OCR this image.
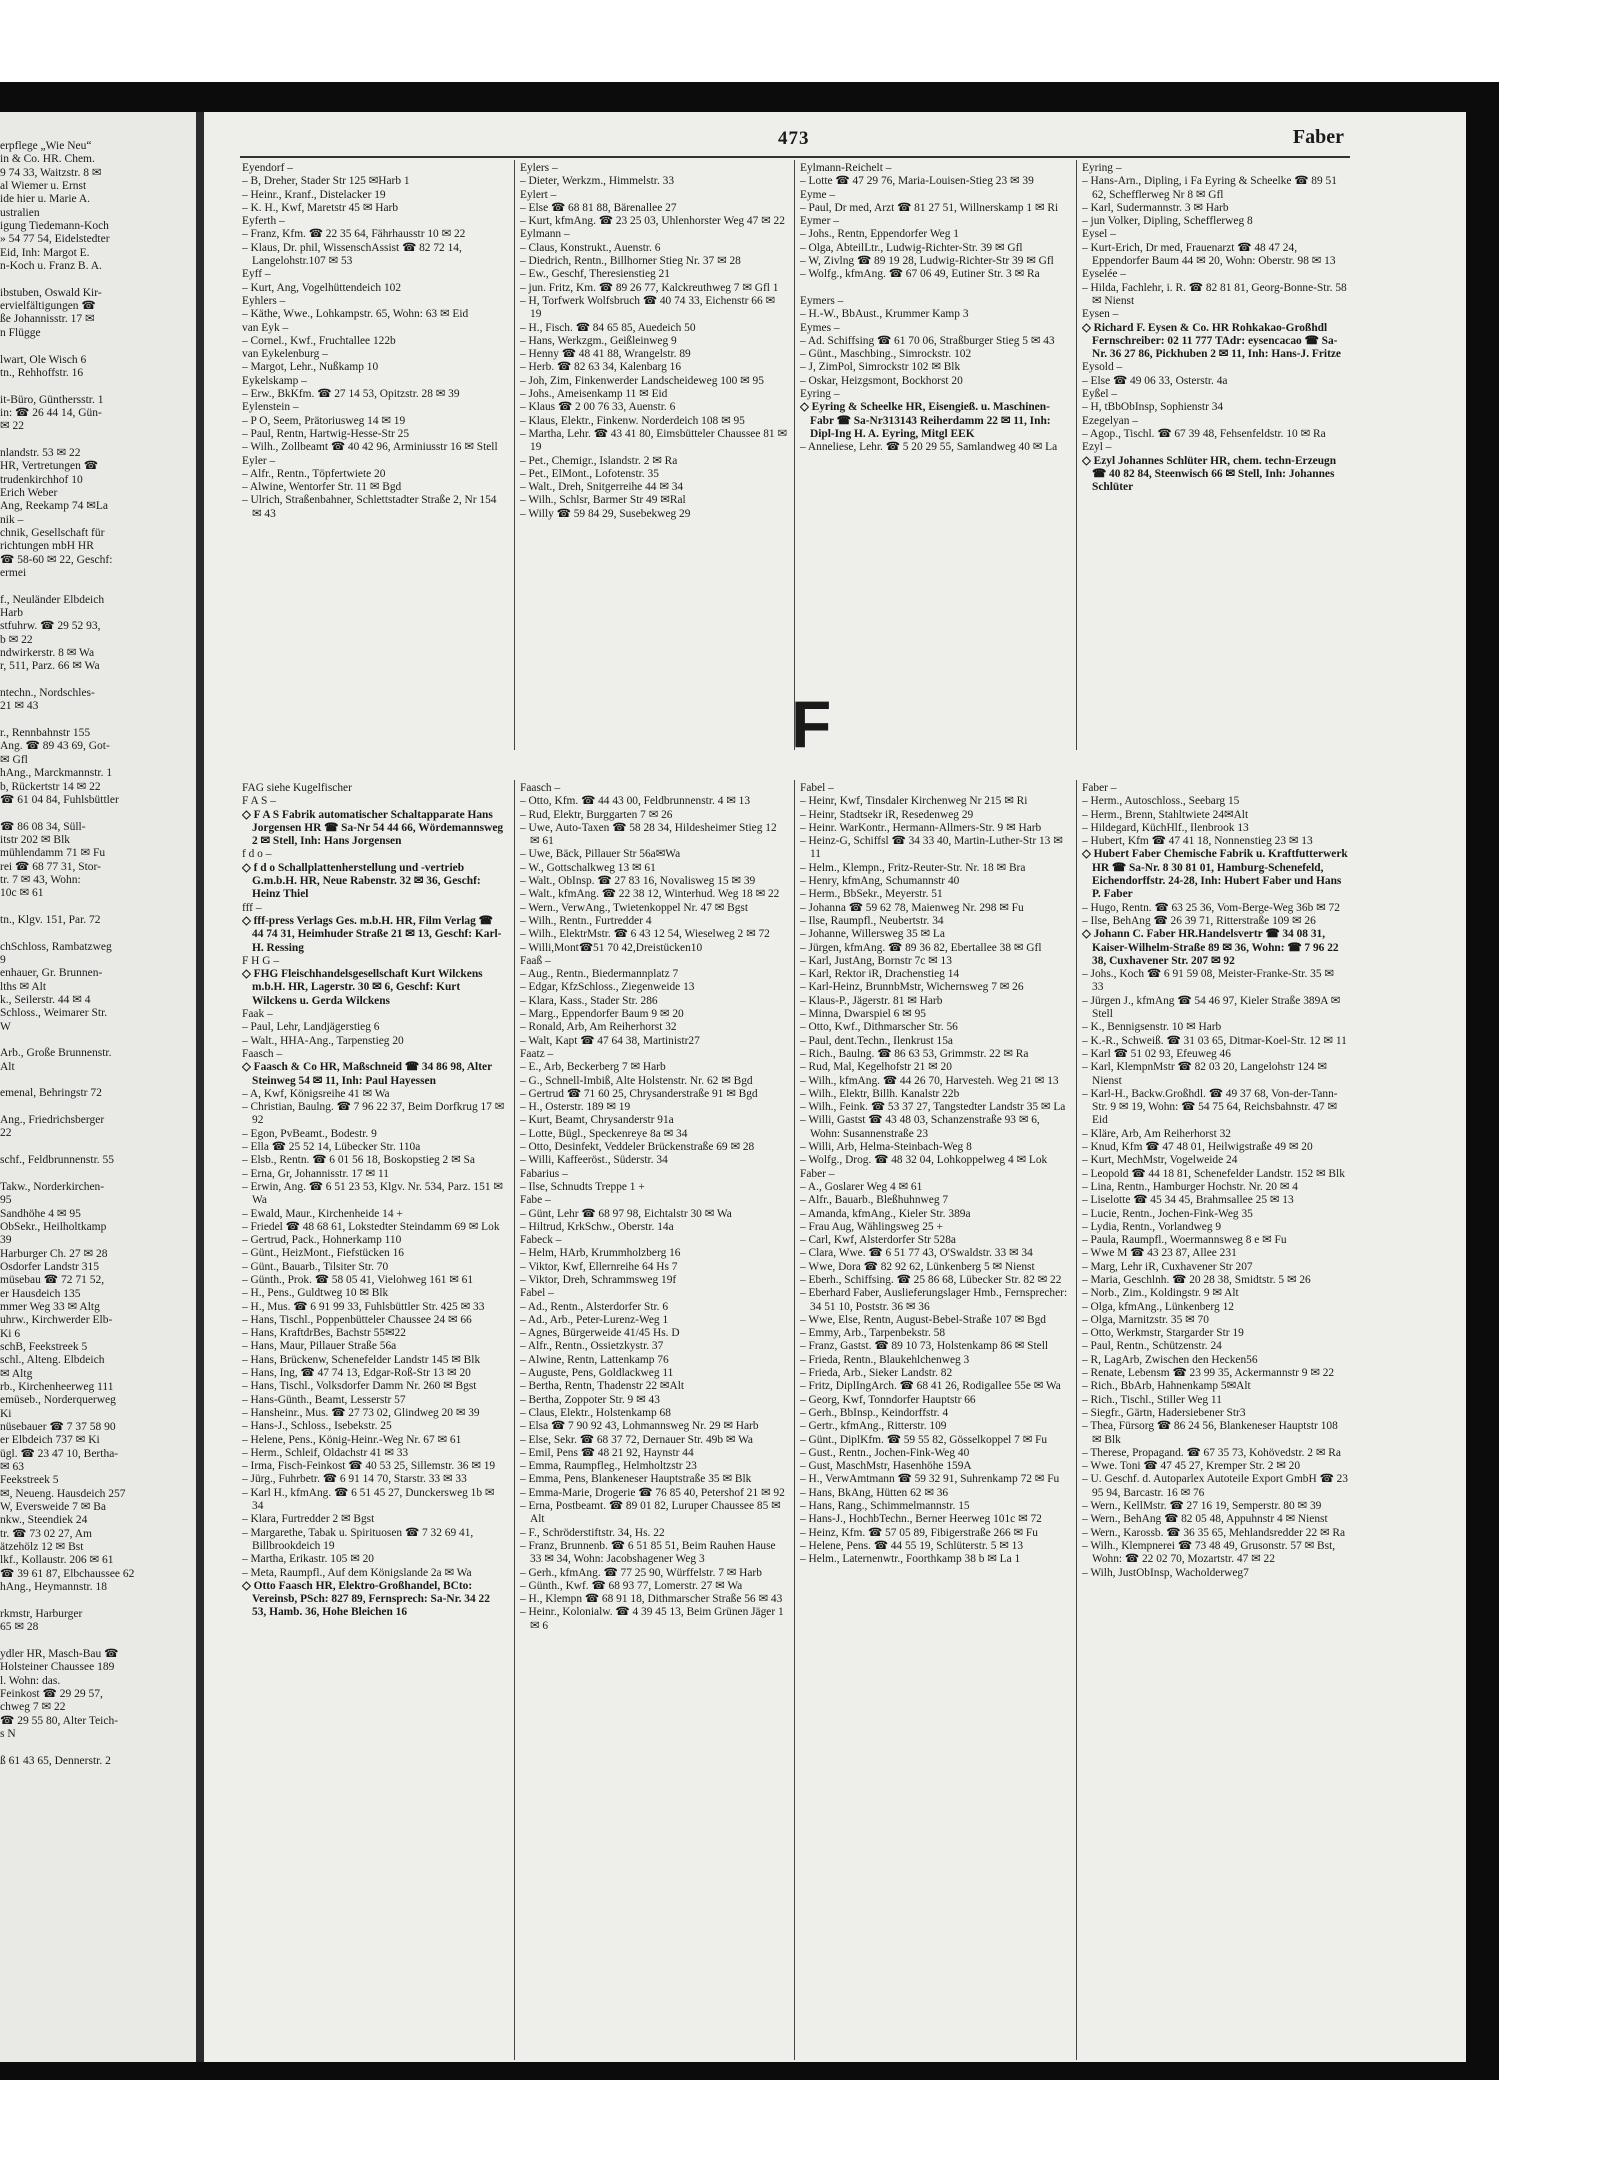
erpflege „Wie Neu“
in & Co. HR. Chem.
9 74 33, Waitzstr. 8 ✉
al Wiemer u. Ernst
ide hier u. Marie A.
ustralien
igung Tiedemann-Koch
» 54 77 54, Eidelstedter
Eid, Inh: Margot E.
n-Koch u. Franz B. A.

ibstuben, Oswald Kir-
ervielfältigungen ☎
ße Johannisstr. 17 ✉
n Flügge

lwart, Ole Wisch 6
tn., Rehhoffstr. 16

it-Büro, Günthersstr. 1
in: ☎ 26 44 14, Gün-
✉ 22

nlandstr. 53 ✉ 22
HR, Vertretungen ☎
trudenkirchhof 10
Erich Weber
Ang, Reekamp 74 ✉La
nik –
chnik, Gesellschaft für
richtungen mbH HR
☎ 58-60 ✉ 22, Geschf:
ermei

f., Neuländer Elbdeich
Harb
stfuhrw. ☎ 29 52 93,
b ✉ 22
ndwirkerstr. 8 ✉ Wa
r, 511, Parz. 66 ✉ Wa

ntechn., Nordschles-
21 ✉ 43

r., Rennbahnstr 155
Ang. ☎ 89 43 69, Got-
✉ Gfl
hAng., Marckmannstr. 1
b, Rückertstr 14 ✉ 22
☎ 61 04 84, Fuhlsbüttler

☎ 86 08 34, Süll-
itstr 202 ✉ Blk
mühlendamm 71 ✉ Fu
rei ☎ 68 77 31, Stor-
tr. 7 ✉ 43, Wohn:
10c ✉ 61

tn., Klgv. 151, Par. 72

chSchloss, Rambatzweg
9
enhauer, Gr. Brunnen-
lths ✉ Alt
k., Seilerstr. 44 ✉ 4
Schloss., Weimarer Str.
W

Arb., Große Brunnenstr.
Alt

emenal, Behringstr 72

Ang., Friedrichsberger
22

schf., Feldbrunnenstr. 55

Takw., Norderkirchen-
95
Sandhöhe 4 ✉ 95
ObSekr., Heilholtkamp
39
Harburger Ch. 27 ✉ 28
Osdorfer Landstr 315
müsebau ☎ 72 71 52,
er Hausdeich 135
mmer Weg 33 ✉ Altg
uhrw., Kirchwerder Elb-
Ki 6
schB, Feekstreek 5
schl., Alteng. Elbdeich
✉ Altg
rb., Kirchenheerweg 111
emüseb., Norderquerweg
Ki
nüsebauer ☎ 7 37 58 90
er Elbdeich 737 ✉ Ki
ügl. ☎ 23 47 10, Bertha-
✉ 63
Feekstreek 5
✉, Neueng. Hausdeich 257
W, Eversweide 7 ✉ Ba
nkw., Steendiek 24
tr. ☎ 73 02 27, Am
ätzehölz 12 ✉ Bst
lkf., Kollaustr. 206 ✉ 61
☎ 39 61 87, Elbchaussee 62
hAng., Heymannstr. 18

rkmstr, Harburger
65 ✉ 28

ydler HR, Masch-Bau ☎
Holsteiner Chaussee 189
l. Wohn: das.
Feinkost ☎ 29 29 57,
chweg 7 ✉ 22
☎ 29 55 80, Alter Teich-
s N

ß 61 43 65, Dennerstr. 2
473	Faber
Eyendorf –
– B, Dreher, Stader Str 125 ✉Harb 1
– Heinr., Kranf., Distelacker 19
– K. H., Kwf, Maretstr 45 ✉ Harb
Eyferth –
– Franz, Kfm. ☎ 22 35 64, Fährhausstr 10 ✉ 22
– Klaus, Dr. phil, WissenschAssist ☎ 82 72 14, Langelohstr.107 ✉ 53
Eyff –
– Kurt, Ang, Vogelhüttendeich 102
Eyhlers –
– Käthe, Wwe., Lohkampstr. 65, Wohn: 63 ✉ Eid
van Eyk –
– Cornel., Kwf., Fruchtallee 122b
van Eykelenburg –
– Margot, Lehr., Nußkamp 10
Eykelskamp –
– Erw., BkKfm. ☎ 27 14 53, Opitzstr. 28 ✉ 39
Eylenstein –
– P O, Seem, Prätoriusweg 14 ✉ 19
– Paul, Rentn, Hartwig-Hesse-Str 25
– Wilh., Zollbeamt ☎ 40 42 96, Arminiusstr 16 ✉ Stell
Eyler –
– Alfr., Rentn., Töpfertwiete 20
– Alwine, Wentorfer Str. 11 ✉ Bgd
– Ulrich, Straßenbahner, Schlettstadter Straße 2, Nr 154 ✉ 43
Eylers –
– Dieter, Werkzm., Himmelstr. 33
Eylert –
– Else ☎ 68 81 88, Bärenallee 27
– Kurt, kfmAng. ☎ 23 25 03, Uhlenhorster Weg 47 ✉ 22
Eylmann –
– Claus, Konstrukt., Auenstr. 6
– Diedrich, Rentn., Billhorner Stieg Nr. 37 ✉ 28
– Ew., Geschf, Theresienstieg 21
– jun. Fritz, Km. ☎ 89 26 77, Kalckreuthweg 7 ✉ Gfl 1
– H, Torfwerk Wolfsbruch ☎ 40 74 33, Eichenstr 66 ✉ 19
– H., Fisch. ☎ 84 65 85, Auedeich 50
– Hans, Werkzgm., Geißleinweg 9
– Henny ☎ 48 41 88, Wrangelstr. 89
– Herb. ☎ 82 63 34, Kalenbarg 16
– Joh, Zim, Finkenwerder Landscheideweg 100 ✉ 95
– Johs., Ameisenkamp 11 ✉ Eid
– Klaus ☎ 2 00 76 33, Auenstr. 6
– Klaus, Elektr., Finkenw. Norderdeich 108 ✉ 95
– Martha, Lehr. ☎ 43 41 80, Eimsbütteler Chaussee 81 ✉ 19
– Pet., Chemigr., Islandstr. 2 ✉ Ra
– Pet., ElMont., Lofotenstr. 35
– Walt., Dreh, Snitgerreihe 44 ✉ 34
– Wilh., Schlsr, Barmer Str 49 ✉Ral
– Willy ☎ 59 84 29, Susebekweg 29
Eylmann-Reichelt –
– Lotte ☎ 47 29 76, Maria-Louisen-Stieg 23 ✉ 39
Eyme –
– Paul, Dr med, Arzt ☎ 81 27 51, Willnerskamp 1 ✉ Ri
Eymer –
– Johs., Rentn, Eppendorfer Weg 1
– Olga, AbteilLtr., Ludwig-Richter-Str. 39 ✉ Gfl
– W, Zivlng ☎ 89 19 28, Ludwig-Richter-Str 39 ✉ Gfl
– Wolfg., kfmAng. ☎ 67 06 49, Eutiner Str. 3 ✉ Ra

Eymers –
– H.-W., BbAust., Krummer Kamp 3
Eymes –
– Ad. Schiffsing ☎ 61 70 06, Straßburger Stieg 5 ✉ 43
– Günt., Maschbing., Simrockstr. 102
– J, ZimPol, Simrockstr 102 ✉ Blk
– Oskar, Heizgsmont, Bockhorst 20
Eyring –
◇ Eyring & Scheelke HR, Eisengieß. u. Maschinen-Fabr ☎ Sa-Nr313143 Reiherdamm 22 ✉ 11, Inh: Dipl-Ing H. A. Eyring, Mitgl EEK
– Anneliese, Lehr. ☎ 5 20 29 55, Samlandweg 40 ✉ La
Eyring –
– Hans-Arn., Dipling, i Fa Eyring & Scheelke ☎ 89 51 62, Schefflerweg Nr 8 ✉ Gfl
– Karl, Sudermannstr. 3 ✉ Harb
– jun Volker, Dipling, Schefflerweg 8
Eysel –
– Kurt-Erich, Dr med, Frauenarzt ☎ 48 47 24, Eppendorfer Baum 44 ✉ 20, Wohn: Oberstr. 98 ✉ 13
Eyselée –
– Hilda, Fachlehr, i. R. ☎ 82 81 81, Georg-Bonne-Str. 58 ✉ Nienst
Eysen –
◇ Richard F. Eysen & Co. HR Rohkakao-Großhdl Fernschreiber: 02 11 777 TAdr: eysencacao ☎ Sa-Nr. 36 27 86, Pickhuben 2 ✉ 11, Inh: Hans-J. Fritze
Eysold –
– Else ☎ 49 06 33, Osterstr. 4a
Eyßel –
– H, tBbObInsp, Sophienstr 34
Ezegelyan –
– Agop., Tischl. ☎ 67 39 48, Fehsenfeldstr. 10 ✉ Ra
Ezyl –
◇ Ezyl Johannes Schlüter HR, chem. techn-Erzeugn ☎ 40 82 84, Steenwisch 66 ✉ Stell, Inh: Johannes Schlüter
F
FAG siehe Kugelfischer
F A S –
◇ F A S Fabrik automatischer Schaltapparate Hans Jorgensen HR ☎ Sa-Nr 54 44 66, Wördemannsweg 2 ✉ Stell, Inh: Hans Jorgensen
f d o –
◇ f d o Schallplattenherstellung und -vertrieb G.m.b.H. HR, Neue Rabenstr. 32 ✉ 36, Geschf: Heinz Thiel
fff –
◇ fff-press Verlags Ges. m.b.H. HR, Film Verlag ☎ 44 74 31, Heimhuder Straße 21 ✉ 13, Geschf: Karl-H. Ressing
F H G –
◇ FHG Fleischhandelsgesellschaft Kurt Wilckens m.b.H. HR, Lagerstr. 30 ✉ 6, Geschf: Kurt Wilckens u. Gerda Wilckens
Faak –
– Paul, Lehr, Landjägerstieg 6
– Walt., HHA-Ang., Tarpenstieg 20
Faasch –
◇ Faasch & Co HR, Maßschneid ☎ 34 86 98, Alter Steinweg 54 ✉ 11, Inh: Paul Hayessen
– A, Kwf, Königsreihe 41 ✉ Wa
– Christian, Baulng. ☎ 7 96 22 37, Beim Dorfkrug 17 ✉ 92
– Egon, PvBeamt., Bodestr. 9
– Ella ☎ 25 52 14, Lübecker Str. 110a
– Elsb., Rentn. ☎ 6 01 56 18, Boskopstieg 2 ✉ Sa
– Erna, Gr, Johannisstr. 17 ✉ 11
– Erwin, Ang. ☎ 6 51 23 53, Klgv. Nr. 534, Parz. 151 ✉ Wa
– Ewald, Maur., Kirchenheide 14 +
– Friedel ☎ 48 68 61, Lokstedter Steindamm 69 ✉ Lok
– Gertrud, Pack., Hohnerkamp 110
– Günt., HeizMont., Fiefstücken 16
– Günt., Bauarb., Tilsiter Str. 70
– Günth., Prok. ☎ 58 05 41, Vielohweg 161 ✉ 61
– H., Pens., Guldtweg 10 ✉ Blk
– H., Mus. ☎ 6 91 99 33, Fuhlsbüttler Str. 425 ✉ 33
– Hans, Tischl., Poppenbütteler Chaussee 24 ✉ 66
– Hans, KraftdrBes, Bachstr 55✉22
– Hans, Maur, Pillauer Straße 56a
– Hans, Brückenw, Schenefelder Landstr 145 ✉ Blk
– Hans, Ing, ☎ 47 74 13, Edgar-Roß-Str 13 ✉ 20
– Hans, Tischl., Volksdorfer Damm Nr. 260 ✉ Bgst
– Hans-Günth., Beamt, Lesserstr 57
– Hansheinr., Mus. ☎ 27 73 02, Glindweg 20 ✉ 39
– Hans-J., Schloss., Isebekstr. 25
– Helene, Pens., König-Heinr.-Weg Nr. 67 ✉ 61
– Herm., Schleif, Oldachstr 41 ✉ 33
– Irma, Fisch-Feinkost ☎ 40 53 25, Sillemstr. 36 ✉ 19
– Jürg., Fuhrbetr. ☎ 6 91 14 70, Starstr. 33 ✉ 33
– Karl H., kfmAng. ☎ 6 51 45 27, Dunckersweg 1b ✉ 34
– Klara, Furtredder 2 ✉ Bgst
– Margarethe, Tabak u. Spirituosen ☎ 7 32 69 41, Billbrookdeich 19
– Martha, Erikastr. 105 ✉ 20
– Meta, Raumpfl., Auf dem Königslande 2a ✉ Wa
◇ Otto Faasch HR, Elektro-Großhandel, BCto: Vereinsb, PSch: 827 89, Fernsprech: Sa-Nr. 34 22 53, Hamb. 36, Hohe Bleichen 16
Faasch –
– Otto, Kfm. ☎ 44 43 00, Feldbrunnenstr. 4 ✉ 13
– Rud, Elektr, Burggarten 7 ✉ 26
– Uwe, Auto-Taxen ☎ 58 28 34, Hildesheimer Stieg 12 ✉ 61
– Uwe, Bäck, Pillauer Str 56a✉Wa
– W., Gottschalkweg 13 ✉ 61
– Walt., ObInsp. ☎ 27 83 16, Novalisweg 15 ✉ 39
– Walt., kfmAng. ☎ 22 38 12, Winterhud. Weg 18 ✉ 22
– Wern., VerwAng., Twietenkoppel Nr. 47 ✉ Bgst
– Wilh., Rentn., Furtredder 4
– Wilh., ElektrMstr. ☎ 6 43 12 54, Wieselweg 2 ✉ 72
– Willi,Mont☎51 70 42,Dreistücken10
Faaß –
– Aug., Rentn., Biedermannplatz 7
– Edgar, KfzSchloss., Ziegenweide 13
– Klara, Kass., Stader Str. 286
– Marg., Eppendorfer Baum 9 ✉ 20
– Ronald, Arb, Am Reiherhorst 32
– Walt, Kapt ☎ 47 64 38, Martinistr27
Faatz –
– E., Arb, Beckerberg 7 ✉ Harb
– G., Schnell-Imbiß, Alte Holstenstr. Nr. 62 ✉ Bgd
– Gertrud ☎ 71 60 25, Chrysanderstraße 91 ✉ Bgd
– H., Osterstr. 189 ✉ 19
– Kurt, Beamt, Chrysanderstr 91a
– Lotte, Bügl., Speckenreye 8a ✉ 34
– Otto, Desinfekt, Veddeler Brückenstraße 69 ✉ 28
– Willi, Kaffeeröst., Süderstr. 34
Fabarius –
– Ilse, Schnudts Treppe 1 +
Fabe –
– Günt, Lehr ☎ 68 97 98, Eichtalstr 30 ✉ Wa
– Hiltrud, KrkSchw., Oberstr. 14a
Fabeck –
– Helm, HArb, Krummholzberg 16
– Viktor, Kwf, Ellernreihe 64 Hs 7
– Viktor, Dreh, Schrammsweg 19f
Fabel –
– Ad., Rentn., Alsterdorfer Str. 6
– Ad., Arb., Peter-Lurenz-Weg 1
– Agnes, Bürgerweide 41/45 Hs. D
– Alfr., Rentn., Ossietzkystr. 37
– Alwine, Rentn, Lattenkamp 76
– Auguste, Pens, Goldlackweg 11
– Bertha, Rentn, Thadenstr 22 ✉Alt
– Bertha, Zoppoter Str. 9 ✉ 43
– Claus, Elektr., Holstenkamp 68
– Elsa ☎ 7 90 92 43, Lohmannsweg Nr. 29 ✉ Harb
– Else, Sekr. ☎ 68 37 72, Dernauer Str. 49b ✉ Wa
– Emil, Pens ☎ 48 21 92, Haynstr 44
– Emma, Raumpfleg., Helmholtzstr 23
– Emma, Pens, Blankeneser Hauptstraße 35 ✉ Blk
– Emma-Marie, Drogerie ☎ 76 85 40, Petershof 21 ✉ 92
– Erna, Postbeamt. ☎ 89 01 82, Luruper Chaussee 85 ✉ Alt
– F., Schröderstiftstr. 34, Hs. 22
– Franz, Brunnenb. ☎ 6 51 85 51, Beim Rauhen Hause 33 ✉ 34, Wohn: Jacobshagener Weg 3
– Gerh., kfmAng. ☎ 77 25 90, Würffelstr. 7 ✉ Harb
– Günth., Kwf. ☎ 68 93 77, Lomerstr. 27 ✉ Wa
– H., Klempn ☎ 68 91 18, Dithmarscher Straße 56 ✉ 43
– Heinr., Kolonialw. ☎ 4 39 45 13, Beim Grünen Jäger 1 ✉ 6
Fabel –
– Heinr, Kwf, Tinsdaler Kirchenweg Nr 215 ✉ Ri
– Heinr, Stadtsekr iR, Resedenweg 29
– Heinr. WarKontr., Hermann-Allmers-Str. 9 ✉ Harb
– Heinz-G, Schiffsl ☎ 34 33 40, Martin-Luther-Str 13 ✉ 11
– Helm., Klempn., Fritz-Reuter-Str. Nr. 18 ✉ Bra
– Henry, kfmAng, Schumannstr 40
– Herm., BbSekr., Meyerstr. 51
– Johanna ☎ 59 62 78, Maienweg Nr. 298 ✉ Fu
– Ilse, Raumpfl., Neubertstr. 34
– Johanne, Willersweg 35 ✉ La
– Jürgen, kfmAng. ☎ 89 36 82, Ebertallee 38 ✉ Gfl
– Karl, JustAng, Bornstr 7c ✉ 13
– Karl, Rektor iR, Drachenstieg 14
– Karl-Heinz, BrunnbMstr, Wichernsweg 7 ✉ 26
– Klaus-P., Jägerstr. 81 ✉ Harb
– Minna, Dwarspiel 6 ✉ 95
– Otto, Kwf., Dithmarscher Str. 56
– Paul, dent.Techn., Ilenkrust 15a
– Rich., Baulng. ☎ 86 63 53, Grimmstr. 22 ✉ Ra
– Rud, Mal, Kegelhofstr 21 ✉ 20
– Wilh., kfmAng. ☎ 44 26 70, Harvestеh. Weg 21 ✉ 13
– Wilh., Elektr, Billh. Kanalstr 22b
– Wilh., Feink. ☎ 53 37 27, Tangstedter Landstr 35 ✉ La
– Willi, Gastst ☎ 43 48 03, Schanzenstraße 93 ✉ 6, Wohn: Susannenstraße 23
– Willi, Arb, Helma-Steinbach-Weg 8
– Wolfg., Drog. ☎ 48 32 04, Lohkoppelweg 4 ✉ Lok
Faber –
– A., Goslarer Weg 4 ✉ 61
– Alfr., Bauarb., Bleßhuhnweg 7
– Amanda, kfmAng., Kieler Str. 389a
– Frau Aug, Wählingsweg 25 +
– Carl, Kwf, Alsterdorfer Str 528a
– Clara, Wwe. ☎ 6 51 77 43, O'Swaldstr. 33 ✉ 34
– Wwe, Dora ☎ 82 92 62, Lünkenberg 5 ✉ Nienst
– Eberh., Schiffsing. ☎ 25 86 68, Lübecker Str. 82 ✉ 22
– Eberhard Faber, Auslieferungslager Hmb., Fernsprecher: 34 51 10, Poststr. 36 ✉ 36
– Wwe, Else, Rentn, August-Bebel-Straße 107 ✉ Bgd
– Emmy, Arb., Tarpenbekstr. 58
– Franz, Gastst. ☎ 89 10 73, Holstenkamp 86 ✉ Stell
– Frieda, Rentn., Blaukehlchenweg 3
– Frieda, Arb., Sieker Landstr. 82
– Fritz, DiplIngArch. ☎ 68 41 26, Rodigallee 55e ✉ Wa
– Georg, Kwf, Tonndorfer Hauptstr 66
– Gerh., BbInsp., Keindorffstr. 4
– Gertr., kfmAng., Ritterstr. 109
– Günt., DiplKfm. ☎ 59 55 82, Gösselkoppel 7 ✉ Fu
– Gust., Rentn., Jochen-Fink-Weg 40
– Gust, MaschMstr, Hasenhöhe 159A
– H., VerwAmtmann ☎ 59 32 91, Suhrenkamp 72 ✉ Fu
– Hans, BkAng, Hütten 62 ✉ 36
– Hans, Rang., Schimmelmannstr. 15
– Hans-J., HochbTechn., Berner Heerweg 101c ✉ 72
– Heinz, Kfm. ☎ 57 05 89, Fibigerstraße 266 ✉ Fu
– Helene, Pens. ☎ 44 55 19, Schlüterstr. 5 ✉ 13
– Helm., Laternenwtr., Foorthkamp 38 b ✉ La 1
Faber –
– Herm., Autoschloss., Seebarg 15
– Herm., Brenn, Stahltwiete 24✉Alt
– Hildegard, KüchHlf., Ilenbrook 13
– Hubert, Kfm ☎ 47 41 18, Nonnenstieg 23 ✉ 13
◇ Hubert Faber Chemische Fabrik u. Kraftfutterwerk HR ☎ Sa-Nr. 8 30 81 01, Hamburg-Schenefeld, Eichendorffstr. 24-28, Inh: Hubert Faber und Hans P. Faber
– Hugo, Rentn. ☎ 63 25 36, Vom-Berge-Weg 36b ✉ 72
– Ilse, BehAng ☎ 26 39 71, Ritterstraße 109 ✉ 26
◇ Johann C. Faber HR.Handelsvertr ☎ 34 08 31, Kaiser-Wilhelm-Straße 89 ✉ 36, Wohn: ☎ 7 96 22 38, Cuxhavener Str. 207 ✉ 92
– Johs., Koch ☎ 6 91 59 08, Meister-Franke-Str. 35 ✉ 33
– Jürgen J., kfmAng ☎ 54 46 97, Kieler Straße 389A ✉ Stell
– K., Bennigsenstr. 10 ✉ Harb
– K.-R., Schweiß. ☎ 31 03 65, Ditmar-Koel-Str. 12 ✉ 11
– Karl ☎ 51 02 93, Efeuweg 46
– Karl, KlempnMstr ☎ 82 03 20, Langelohstr 124 ✉ Nienst
– Karl-H., Backw.Großhdl. ☎ 49 37 68, Von-der-Tann-Str. 9 ✉ 19, Wohn: ☎ 54 75 64, Reichsbahnstr. 47 ✉ Eid
– Kläre, Arb, Am Reiherhorst 32
– Knud, Kfm ☎ 47 48 01, Heilwigstraße 49 ✉ 20
– Kurt, MechMstr, Vogelweide 24
– Leopold ☎ 44 18 81, Schenefelder Landstr. 152 ✉ Blk
– Lina, Rentn., Hamburger Hochstr. Nr. 20 ✉ 4
– Liselotte ☎ 45 34 45, Brahmsallee 25 ✉ 13
– Lucie, Rentn., Jochen-Fink-Weg 35
– Lydia, Rentn., Vorlandweg 9
– Paula, Raumpfl., Woermannsweg 8 e ✉ Fu
– Wwe M ☎ 43 23 87, Allee 231
– Marg, Lehr iR, Cuxhavener Str 207
– Maria, Geschlnh. ☎ 20 28 38, Smidtstr. 5 ✉ 26
– Norb., Zim., Koldingstr. 9 ✉ Alt
– Olga, kfmAng., Lünkenberg 12
– Olga, Marnitzstr. 35 ✉ 70
– Otto, Werkmstr, Stargarder Str 19
– Paul, Rentn., Schützenstr. 24
– R, LagArb, Zwischen den Hecken56
– Renate, Lebensm ☎ 23 99 35, Ackermannstr 9 ✉ 22
– Rich., BbArb, Hahnenkamp 5✉Alt
– Rich., Tischl., Stiller Weg 11
– Siegfr., Gärtn, Hadersiebener Str3
– Thea, Fürsorg ☎ 86 24 56, Blankeneser Hauptstr 108 ✉ Blk
– Therese, Propagand. ☎ 67 35 73, Kohövedstr. 2 ✉ Ra
– Wwe. Toni ☎ 47 45 27, Kremper Str. 2 ✉ 20
– U. Geschf. d. Autoparlex Autoteile Export GmbH ☎ 23 95 94, Barcastr. 16 ✉ 76
– Wern., KellMstr. ☎ 27 16 19, Semperstr. 80 ✉ 39
– Wern., BehAng ☎ 82 05 48, Appuhnstr 4 ✉ Nienst
– Wern., Karossb. ☎ 36 35 65, Mehlandsredder 22 ✉ Ra
– Wilh., Klempnerei ☎ 73 48 49, Grusonstr. 57 ✉ Bst, Wohn: ☎ 22 02 70, Mozartstr. 47 ✉ 22
– Wilh, JustObInsp, Wacholderweg7
